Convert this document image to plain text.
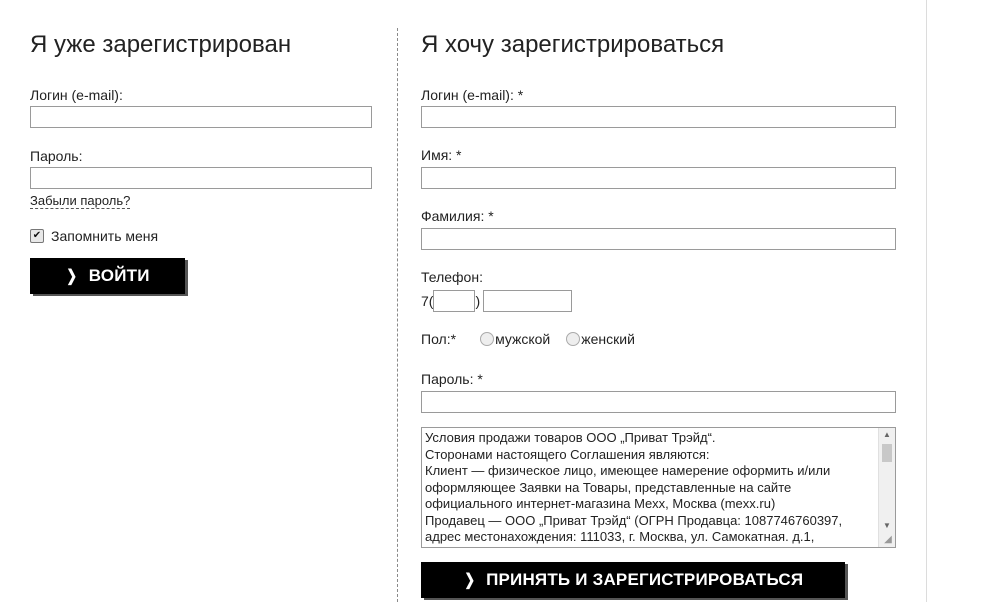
Я уже зарегистрирован
Логин (e-mail):
Пароль:
Забыли пароль?
✔ Запомнить меня
❯ ВОЙТИ
Я хочу зарегистрироваться
Логин (e-mail): *
Имя: *
Фамилия: *
Телефон:
7(	)
Пол:*	мужской женский
Пароль: *
Условия продажи товаров ООО „Приват Трэйд“.
Сторонами настоящего Соглашения являются:
Клиент — физическое лицо, имеющее намерение оформить и/или
оформляющее Заявки на Товары, представленные на сайте
официального интернет-магазина Mexx, Москва (mexx.ru)
Продавец — ООО „Приват Трэйд“ (ОГРН Продавца: 1087746760397,
адрес местонахождения: 111033, г. Москва, ул. Самокатная. д.1,
▲
▼
◢
❯ ПРИНЯТЬ И ЗАРЕГИСТРИРОВАТЬСЯ
